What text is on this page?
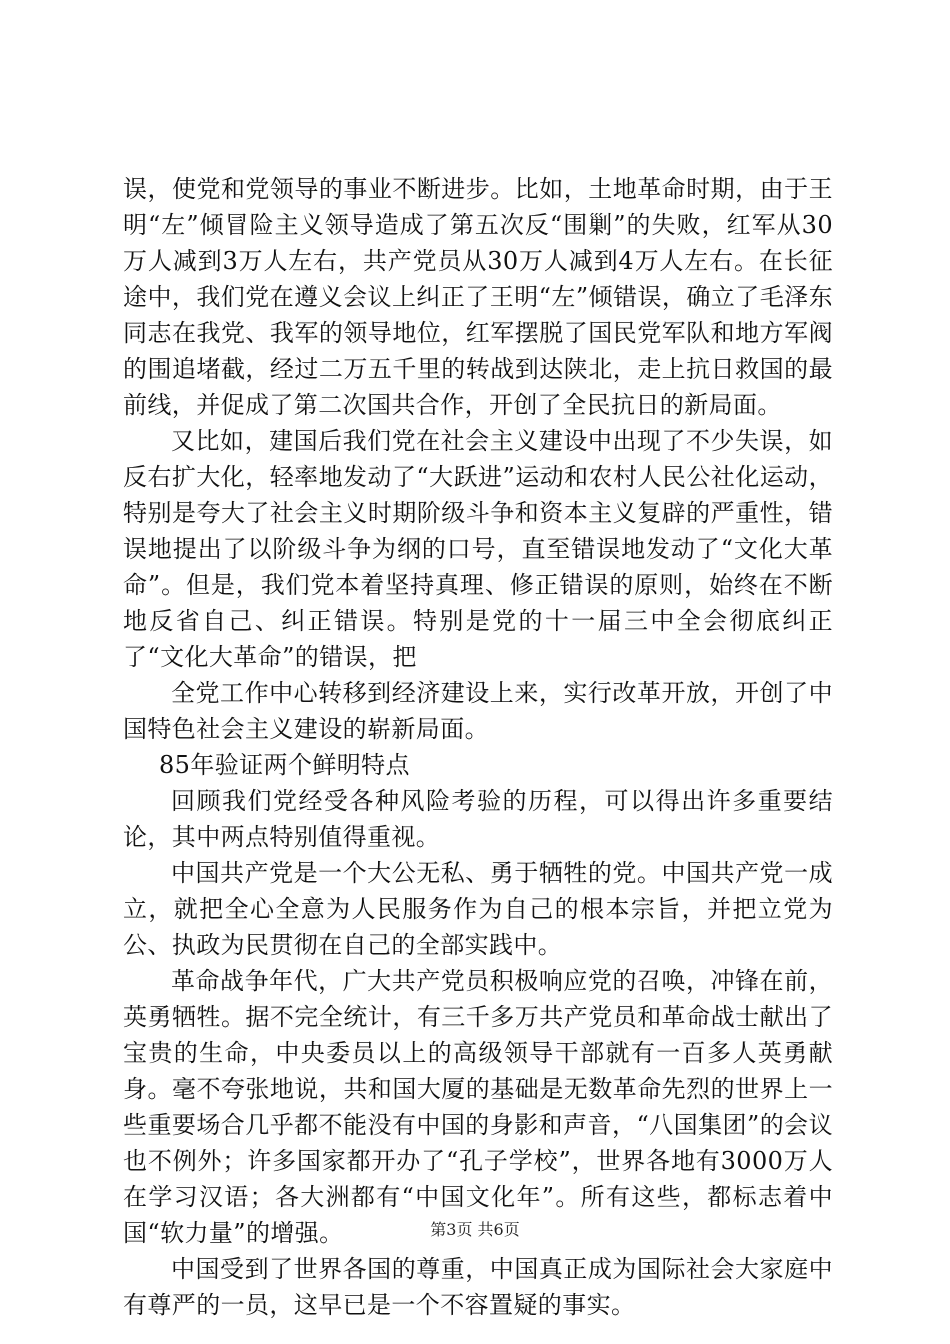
误，使党和党领导的事业不断进步。比如，土地革命时期，由于王明“左”倾冒险主义领导造成了第五次反“围剿”的失败，红军从30万人减到3万人左右，共产党员从30万人减到4万人左右。在长征途中，我们党在遵义会议上纠正了王明“左”倾错误，确立了毛泽东同志在我党、我军的领导地位，红军摆脱了国民党军队和地方军阀的围追堵截，经过二万五千里的转战到达陕北，走上抗日救国的最前线，并促成了第二次国共合作，开创了全民抗日的新局面。

又比如，建国后我们党在社会主义建设中出现了不少失误，如反右扩大化，轻率地发动了“大跃进”运动和农村人民公社化运动，特别是夸大了社会主义时期阶级斗争和资本主义复辟的严重性，错误地提出了以阶级斗争为纲的口号，直至错误地发动了“文化大革命”。但是，我们党本着坚持真理、修正错误的原则，始终在不断地反省自己、纠正错误。特别是党的十一届三中全会彻底纠正了“文化大革命”的错误，把

全党工作中心转移到经济建设上来，实行改革开放，开创了中国特色社会主义建设的崭新局面。

85年验证两个鲜明特点

回顾我们党经受各种风险考验的历程，可以得出许多重要结论，其中两点特别值得重视。

中国共产党是一个大公无私、勇于牺牲的党。中国共产党一成立，就把全心全意为人民服务作为自己的根本宗旨，并把立党为公、执政为民贯彻在自己的全部实践中。

革命战争年代，广大共产党员积极响应党的召唤，冲锋在前，英勇牺牲。据不完全统计，有三千多万共产党员和革命战士献出了宝贵的生命，中央委员以上的高级领导干部就有一百多人英勇献身。毫不夸张地说，共和国大厦的基础是无数革命先烈的世界上一些重要场合几乎都不能没有中国的身影和声音，“八国集团”的会议也不例外；许多国家都开办了“孔子学校”，世界各地有3000万人在学习汉语；各大洲都有“中国文化年”。所有这些，都标志着中国“软力量”的增强。

中国受到了世界各国的尊重，中国真正成为国际社会大家庭中有尊严的一员，这早已是一个不容置疑的事实。

第3页 共6页
